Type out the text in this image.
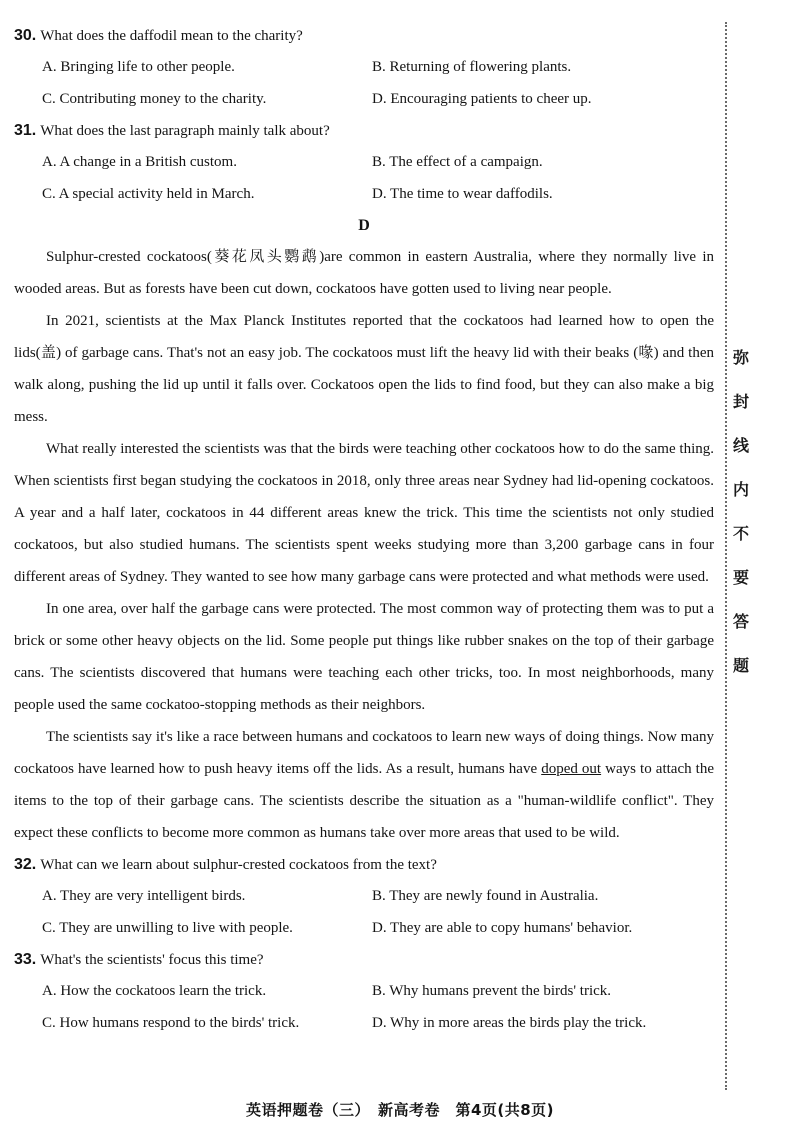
30. What does the daffodil mean to the charity?
A. Bringing life to other people.	B. Returning of flowering plants.
C. Contributing money to the charity.	D. Encouraging patients to cheer up.
31. What does the last paragraph mainly talk about?
A. A change in a British custom.	B. The effect of a campaign.
C. A special activity held in March.	D. The time to wear daffodils.
D

Sulphur-crested cockatoos(葵花凤头鹦鹉)are common in eastern Australia, where they normally live in wooded areas. But as forests have been cut down, cockatoos have gotten used to living near people.

In 2021, scientists at the Max Planck Institutes reported that the cockatoos had learned how to open the lids(盖) of garbage cans. That's not an easy job. The cockatoos must lift the heavy lid with their beaks (喙) and then walk along, pushing the lid up until it falls over. Cockatoos open the lids to find food, but they can also make a big mess.

What really interested the scientists was that the birds were teaching other cockatoos how to do the same thing. When scientists first began studying the cockatoos in 2018, only three areas near Sydney had lid-opening cockatoos. A year and a half later, cockatoos in 44 different areas knew the trick. This time the scientists not only studied cockatoos, but also studied humans. The scientists spent weeks studying more than 3,200 garbage cans in four different areas of Sydney. They wanted to see how many garbage cans were protected and what methods were used.

In one area, over half the garbage cans were protected. The most common way of protecting them was to put a brick or some other heavy objects on the lid. Some people put things like rubber snakes on the top of their garbage cans. The scientists discovered that humans were teaching each other tricks, too. In most neighborhoods, many people used the same cockatoo-stopping methods as their neighbors.

The scientists say it's like a race between humans and cockatoos to learn new ways of doing things. Now many cockatoos have learned how to push heavy items off the lids. As a result, humans have doped out ways to attach the items to the top of their garbage cans. The scientists describe the situation as a "human-wildlife conflict". They expect these conflicts to become more common as humans take over more areas that used to be wild.

32. What can we learn about sulphur-crested cockatoos from the text?
A. They are very intelligent birds.	B. They are newly found in Australia.
C. They are unwilling to live with people.	D. They are able to copy humans' behavior.
33. What's the scientists' focus this time?
A. How the cockatoos learn the trick.	B. Why humans prevent the birds' trick.
C. How humans respond to the birds' trick.	D. Why in more areas the birds play the trick.
弥
封
线
内
不
要
答
题
英语押题卷（三）　新高考卷　第4页(共8页)
